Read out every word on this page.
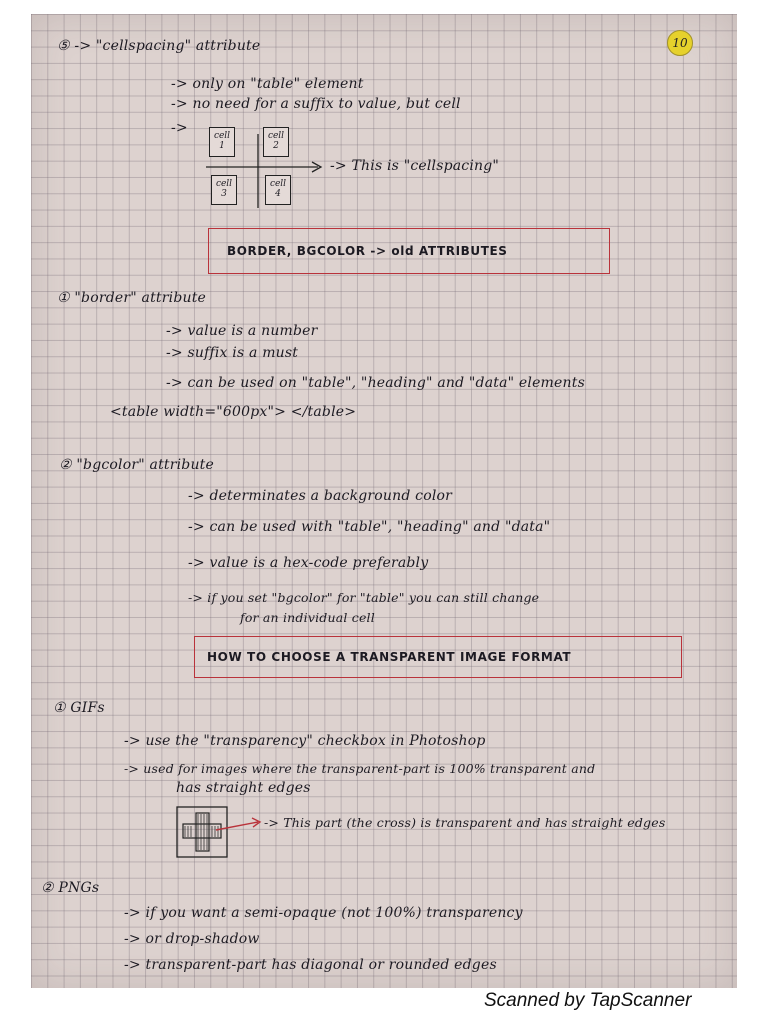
10
⑤ -> "cellspacing" attribute
-> only on "table" element
-> no need for a suffix to value, but cell
->	cell 1
cell 2
cell 3
cell 4
-> This is "cellspacing"
BORDER, BGCOLOR -> old ATTRIBUTES
① "border" attribute
-> value is a number
-> suffix is a must
-> can be used on "table", "heading" and "data" elements
<table width="600px"> </table>
② "bgcolor" attribute
-> determinates a background color
-> can be used with "table", "heading" and "data"
-> value is a hex-code preferably
-> if you set "bgcolor" for "table" you can still change
for an individual cell
HOW TO CHOOSE A TRANSPARENT IMAGE FORMAT
① GIFs
-> use the "transparency" checkbox in Photoshop
-> used for images where the transparent-part is 100% transparent and
has straight edges
-> This part (the cross) is transparent and has straight edges
② PNGs
-> if you want a semi-opaque (not 100%) transparency
-> or drop-shadow
-> transparent-part has diagonal or rounded edges
Scanned by TapScanner
